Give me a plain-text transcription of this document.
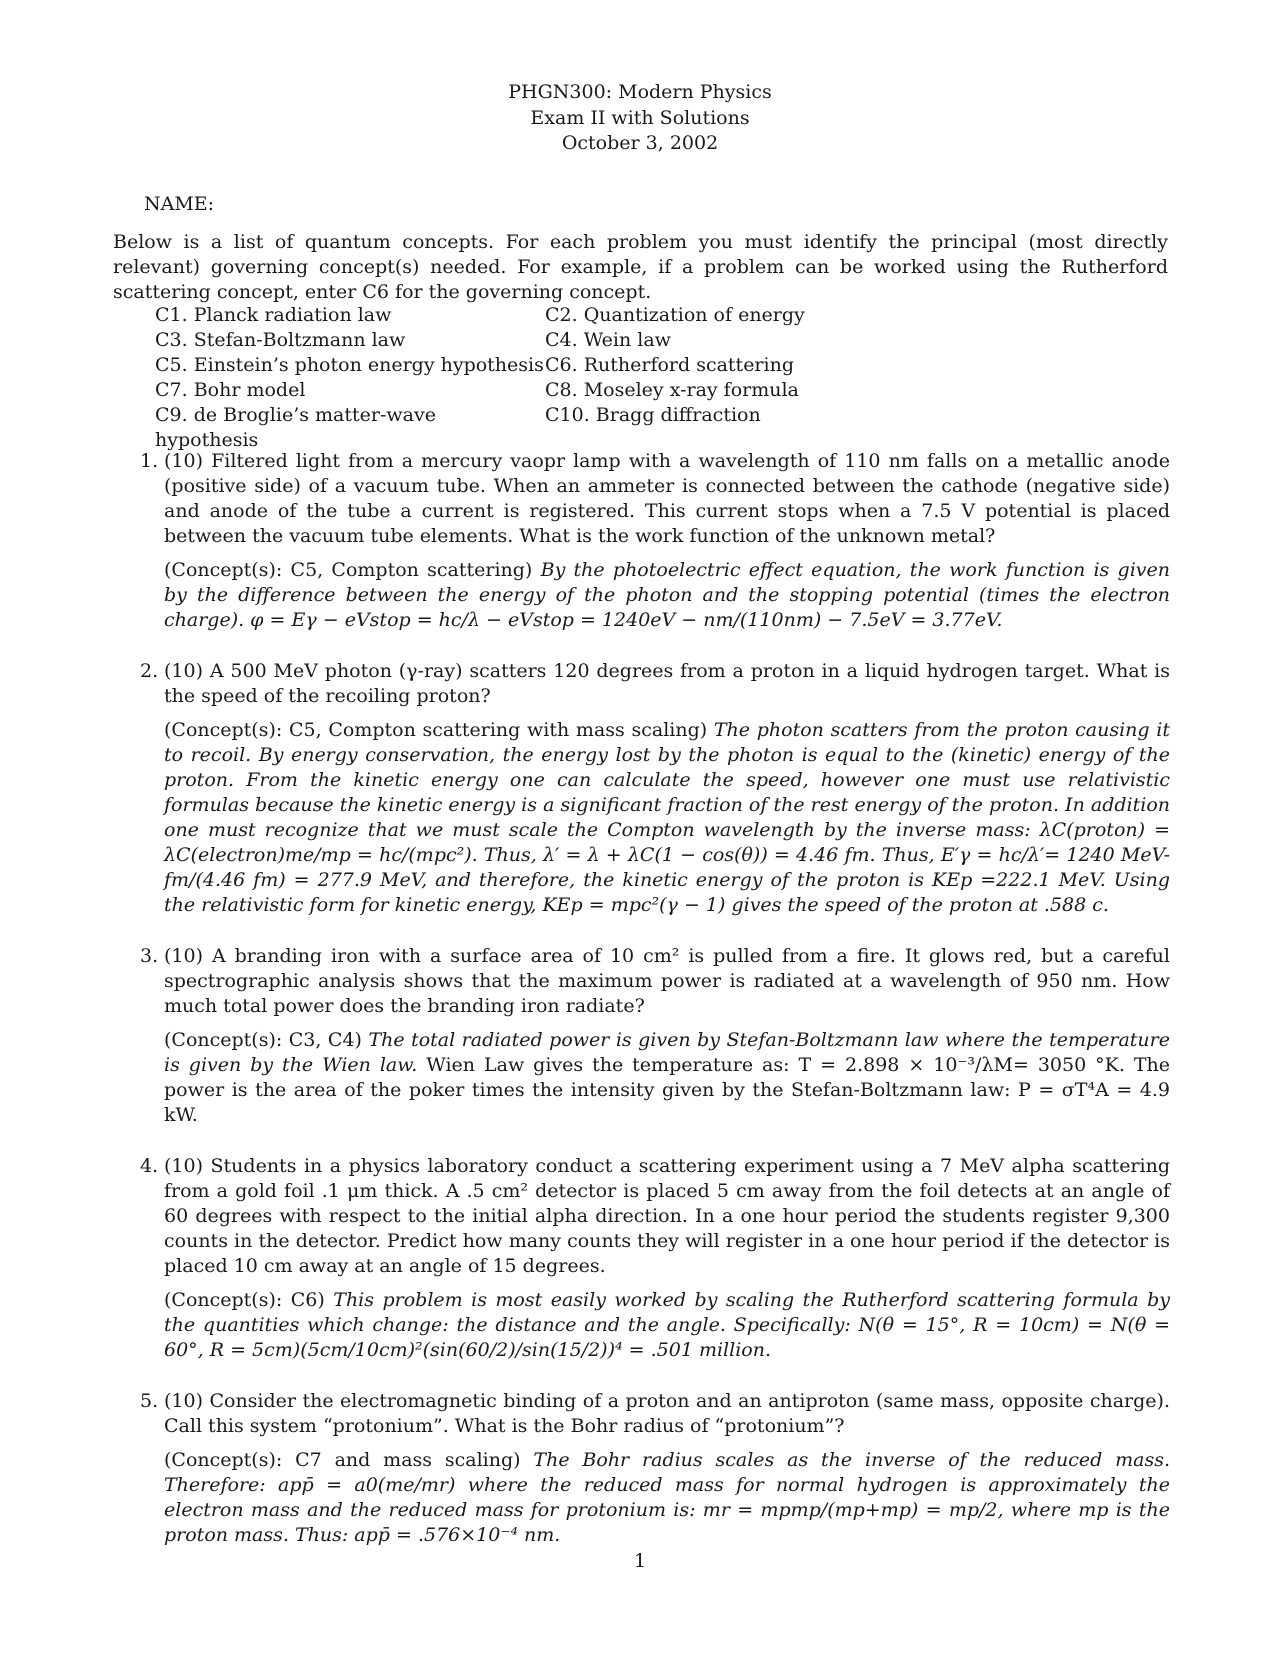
PHGN300: Modern Physics
Exam II with Solutions
October 3, 2002
NAME:
Below is a list of quantum concepts. For each problem you must identify the principal (most directly relevant) governing concept(s) needed. For example, if a problem can be worked using the Rutherford scattering concept, enter C6 for the governing concept.
C1. Planck radiation law	C2. Quantization of energy
C3. Stefan-Boltzmann law	C4. Wein law
C5. Einstein’s photon energy hypothesis C6. Rutherford scattering
C7. Bohr model	C8. Moseley x-ray formula
C9. de Broglie’s matter-wave hypothesis
C10. Bragg diffraction
1. (10) Filtered light from a mercury vaopr lamp with a wavelength of 110 nm falls on a metallic anode (positive side) of a vacuum tube. When an ammeter is connected between the cathode (negative side) and anode of the tube a current is registered. This current stops when a 7.5 V potential is placed between the vacuum tube elements. What is the work function of the unknown metal?
(Concept(s): C5, Compton scattering) By the photoelectric effect equation, the work function is given by the difference between the energy of the photon and the stopping potential (times the electron charge). φ = Eγ − eVstop = hc/λ − eVstop = 1240eV − nm/(110nm) − 7.5eV = 3.77eV.
2. (10) A 500 MeV photon (γ-ray) scatters 120 degrees from a proton in a liquid hydrogen target. What is the speed of the recoiling proton?
(Concept(s): C5, Compton scattering with mass scaling) The photon scatters from the proton causing it to recoil. By energy conservation, the energy lost by the photon is equal to the (kinetic) energy of the proton. From the kinetic energy one can calculate the speed, however one must use relativistic formulas because the kinetic energy is a significant fraction of the rest energy of the proton. In addition one must recognize that we must scale the Compton wavelength by the inverse mass: λC(proton) = λC(electron)me/mp = hc/(mpc²). Thus, λ′ = λ + λC(1 − cos(θ)) = 4.46 fm. Thus, E′γ = hc/λ′= 1240 MeV-fm/(4.46 fm) = 277.9 MeV, and therefore, the kinetic energy of the proton is KEp =222.1 MeV. Using the relativistic form for kinetic energy, KEp = mpc²(γ − 1) gives the speed of the proton at .588 c.
3. (10) A branding iron with a surface area of 10 cm² is pulled from a fire. It glows red, but a careful spectrographic analysis shows that the maximum power is radiated at a wavelength of 950 nm. How much total power does the branding iron radiate?
(Concept(s): C3, C4) The total radiated power is given by Stefan-Boltzmann law where the temperature is given by the Wien law. Wien Law gives the temperature as: T = 2.898 × 10⁻³/λM= 3050 °K. The power is the area of the poker times the intensity given by the Stefan-Boltzmann law: P = σT⁴A = 4.9 kW.
4. (10) Students in a physics laboratory conduct a scattering experiment using a 7 MeV alpha scattering from a gold foil .1 μm thick. A .5 cm² detector is placed 5 cm away from the foil detects at an angle of 60 degrees with respect to the initial alpha direction. In a one hour period the students register 9,300 counts in the detector. Predict how many counts they will register in a one hour period if the detector is placed 10 cm away at an angle of 15 degrees.
(Concept(s): C6) This problem is most easily worked by scaling the Rutherford scattering formula by the quantities which change: the distance and the angle. Specifically: N(θ = 15°, R = 10cm) = N(θ = 60°, R = 5cm)(5cm/10cm)²(sin(60/2)/sin(15/2))⁴ = .501 million.
5. (10) Consider the electromagnetic binding of a proton and an antiproton (same mass, opposite charge). Call this system “protonium”. What is the Bohr radius of “protonium”?
(Concept(s): C7 and mass scaling) The Bohr radius scales as the inverse of the reduced mass. Therefore: app̄ = a0(me/mr) where the reduced mass for normal hydrogen is approximately the electron mass and the reduced mass for protonium is: mr = mpmp/(mp+mp) = mp/2, where mp is the proton mass. Thus: app̄ = .576×10⁻⁴ nm.
1
